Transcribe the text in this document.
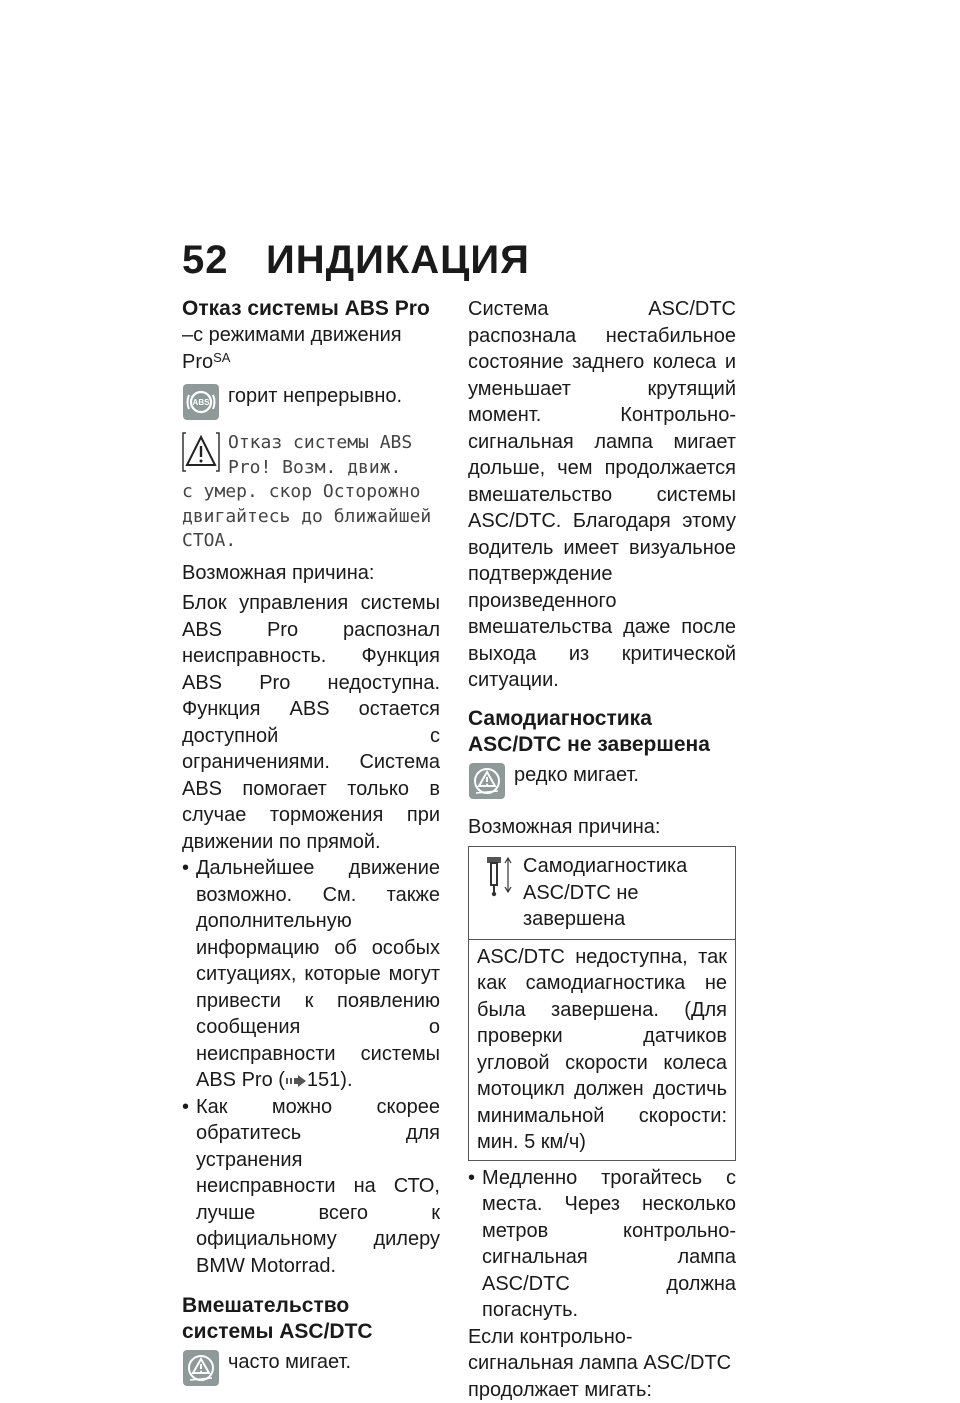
52 ИНДИКАЦИЯ

Отказ системы ABS Pro

–с режимами движения Pro$^{SA}$

ABS горит непрерывно.
Отказ системы ABS
Pro! Возм. движ.
с умер. скор Осторожно двигайтесь до ближайшей СТОА.

Возможная причина:

Блок управления системы ABS Pro распознал неисправность. Функция ABS Pro недоступна. Функция ABS остается доступной с ограничениями. Система ABS помогает только в случае торможения при движении по прямой.

• Дальнейшее движение возможно. См. также дополнительную информацию об особых ситуациях, которые могут привести к появлению сообщения о неисправности системы ABS Pro ( 151).
• Как можно скорее обратитесь для устранения неисправности на СТО, лучше всего к официальному дилеру BMW Motorrad.

Вмешательство системы ASC/DTC

часто мигает.

Система ASC/DTC распознала нестабильное состояние заднего колеса и уменьшает крутящий момент. Контрольно-сигнальная лампа мигает дольше, чем продолжается вмешательство системы ASC/DTC. Благодаря этому водитель имеет визуальное подтверждение произведенного вмешательства даже после выхода из критической ситуации.

Самодиагностика ASC/DTC не завершена

редко мигает.

Возможная причина:

Самодиагностика ASC/DTC не завершена
ASC/DTC недоступна, так как самодиагностика не была завершена. (Для проверки датчиков угловой скорости колеса мотоцикл должен достичь минимальной скорости: мин. 5 км/ч)
• Медленно трогайтесь с места. Через несколько метров контрольно-сигнальная лампа ASC/DTC должна погаснуть.

Если контрольно-сигнальная лампа ASC/DTC продолжает мигать:
